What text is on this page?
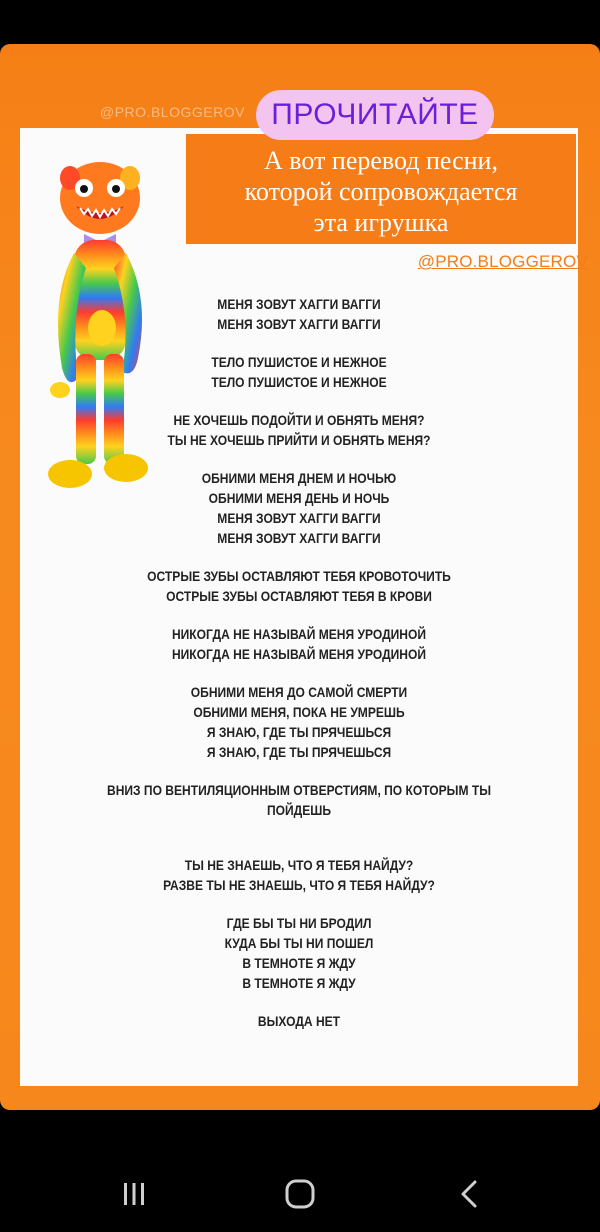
@PRO.BLOGGEROV ПРОЧИТАЙТЕ
А вот перевод песни,
которой сопровождается
эта игрушка
@PRO.BLOGGEROV
МЕНЯ ЗОВУТ ХАГГИ ВАГГИ
МЕНЯ ЗОВУТ ХАГГИ ВАГГИ
ТЕЛО ПУШИСТОЕ И НЕЖНОЕ
ТЕЛО ПУШИСТОЕ И НЕЖНОЕ
НЕ ХОЧЕШЬ ПОДОЙТИ И ОБНЯТЬ МЕНЯ?
ТЫ НЕ ХОЧЕШЬ ПРИЙТИ И ОБНЯТЬ МЕНЯ?
ОБНИМИ МЕНЯ ДНЕМ И НОЧЬЮ
ОБНИМИ МЕНЯ ДЕНЬ И НОЧЬ
МЕНЯ ЗОВУТ ХАГГИ ВАГГИ
МЕНЯ ЗОВУТ ХАГГИ ВАГГИ
ОСТРЫЕ ЗУБЫ ОСТАВЛЯЮТ ТЕБЯ КРОВОТОЧИТЬ
ОСТРЫЕ ЗУБЫ ОСТАВЛЯЮТ ТЕБЯ В КРОВИ
НИКОГДА НЕ НАЗЫВАЙ МЕНЯ УРОДИНОЙ
НИКОГДА НЕ НАЗЫВАЙ МЕНЯ УРОДИНОЙ
ОБНИМИ МЕНЯ ДО САМОЙ СМЕРТИ
ОБНИМИ МЕНЯ, ПОКА НЕ УМРЕШЬ
Я ЗНАЮ, ГДЕ ТЫ ПРЯЧЕШЬСЯ
Я ЗНАЮ, ГДЕ ТЫ ПРЯЧЕШЬСЯ
ВНИЗ ПО ВЕНТИЛЯЦИОННЫМ ОТВЕРСТИЯМ, ПО КОТОРЫМ ТЫ
ПОЙДЕШЬ
ТЫ НЕ ЗНАЕШЬ, ЧТО Я ТЕБЯ НАЙДУ?
РАЗВЕ ТЫ НЕ ЗНАЕШЬ, ЧТО Я ТЕБЯ НАЙДУ?
ГДЕ БЫ ТЫ НИ БРОДИЛ
КУДА БЫ ТЫ НИ ПОШЕЛ
В ТЕМНОТЕ Я ЖДУ
В ТЕМНОТЕ Я ЖДУ
ВЫХОДА НЕТ
